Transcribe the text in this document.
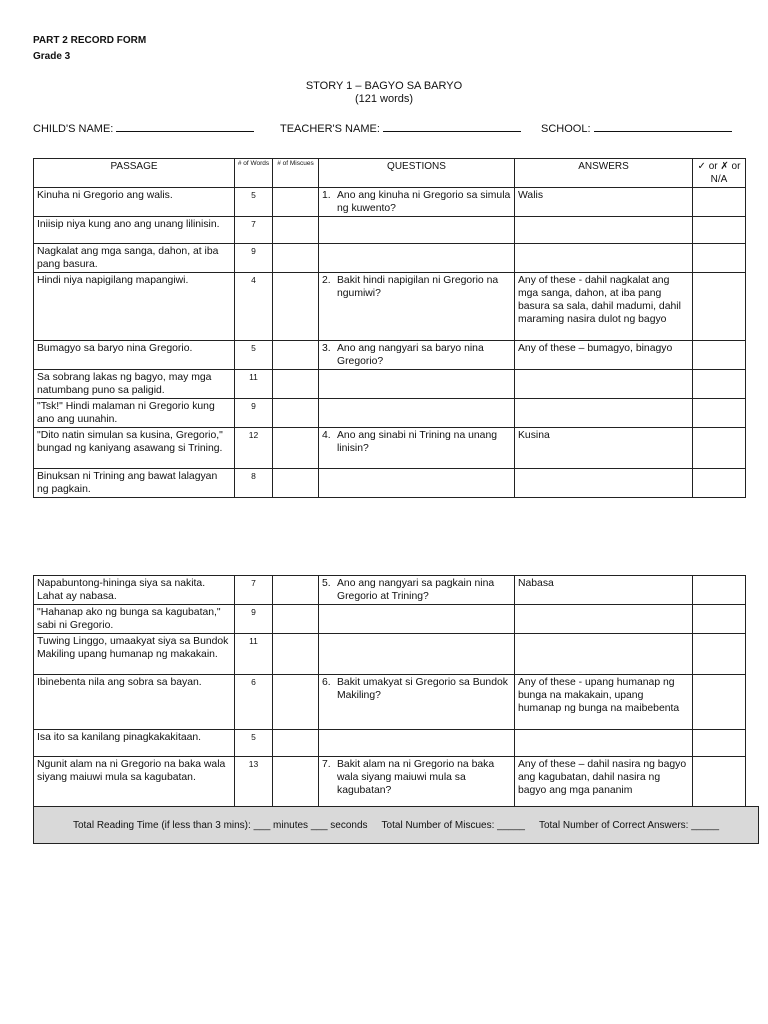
PART 2 RECORD FORM
Grade 3
STORY 1 – BAGYO SA BARYO
(121 words)
CHILD'S NAME:	TEACHER'S NAME:	SCHOOL:
PASSAGE	# of Words	# of Miscues	QUESTIONS	ANSWERS	✓ or ✗ or N/A
Kinuha ni Gregorio ang walis.	5		1. Ano ang kinuha ni Gregorio sa simula ng kuwento?	Walis	
Iniisip niya kung ano ang unang lilinisin.	7				
Nagkalat ang mga sanga, dahon, at iba pang basura.	9				
Hindi niya napigilang mapangiwi.	4		2. Bakit hindi napigilan ni Gregorio na ngumiwi?	Any of these - dahil nagkalat ang mga sanga, dahon, at iba pang basura sa sala, dahil madumi, dahil maraming nasira dulot ng bagyo	
Bumagyo sa baryo nina Gregorio.	5		3. Ano ang nangyari sa baryo nina Gregorio?	Any of these – bumagyo, binagyo	
Sa sobrang lakas ng bagyo, may mga natumbang puno sa paligid.	11				
"Tsk!" Hindi malaman ni Gregorio kung ano ang uunahin.	9				
"Dito natin simulan sa kusina, Gregorio," bungad ng kaniyang asawang si Trining.	12		4. Ano ang sinabi ni Trining na unang linisin?	Kusina	
Binuksan ni Trining ang bawat lalagyan ng pagkain.	8				
Napabuntong-hininga siya sa nakita. Lahat ay nabasa.	7		5. Ano ang nangyari sa pagkain nina Gregorio at Trining?	Nabasa	
"Hahanap ako ng bunga sa kagubatan," sabi ni Gregorio.	9				
Tuwing Linggo, umaakyat siya sa Bundok Makiling upang humanap ng makakain.	11				
Ibinebenta nila ang sobra sa bayan.	6		6. Bakit umakyat si Gregorio sa Bundok Makiling?	Any of these - upang humanap ng bunga na makakain, upang humanap ng bunga na maibebenta	
Isa ito sa kanilang pinagkakakitaan.	5				
Ngunit alam na ni Gregorio na baka wala siyang maiuwi mula sa kagubatan.	13		7. Bakit alam na ni Gregorio na baka wala siyang maiuwi mula sa kagubatan?	Any of these – dahil nasira ng bagyo ang kagubatan, dahil nasira ng bagyo ang mga pananim	
Total Reading Time (if less than 3 mins): ___ minutes ___ seconds Total Number of Miscues: _____ Total Number of Correct Answers: _____
